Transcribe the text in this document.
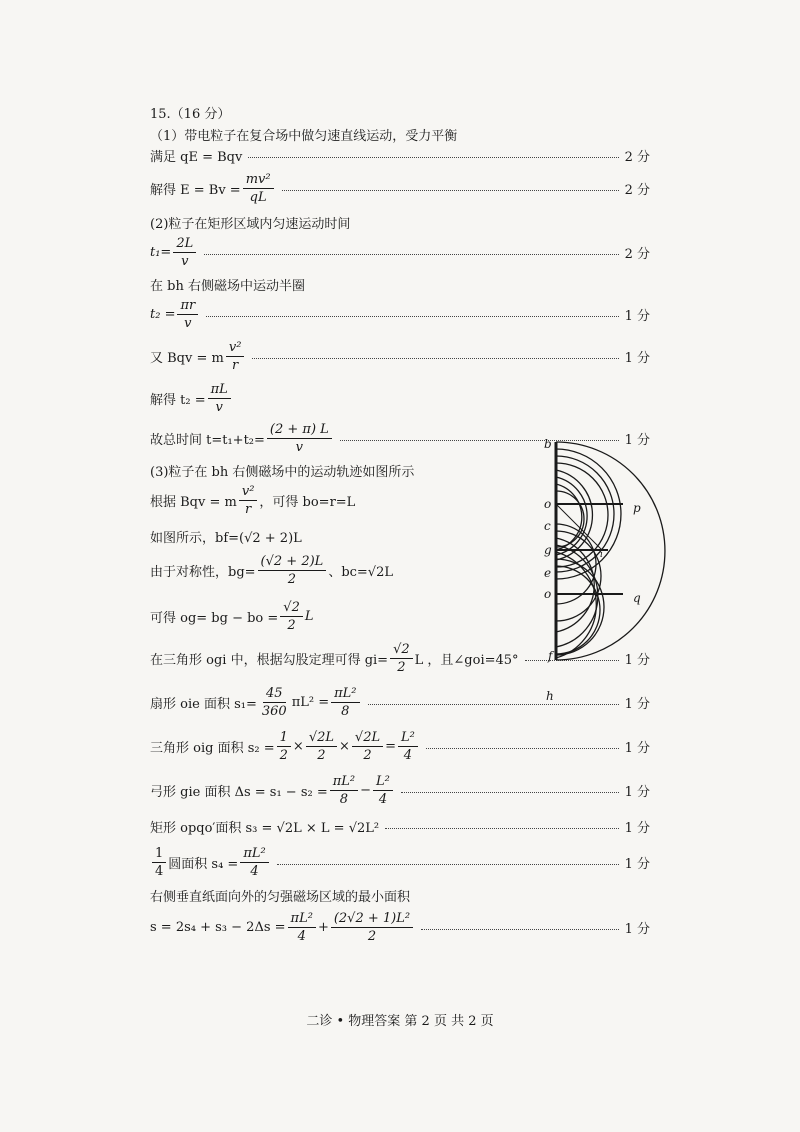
15.（16 分）
（1）带电粒子在复合场中做匀速直线运动，受力平衡
满足 qE = Bqv	2 分
解得 $E = Bv = \frac{\text{mv²}}{qL}$	2 分
(2)粒子在矩形区域内匀速运动时间
$t_1= \frac{2L}{v}$	2 分
在 bh 右侧磁场中运动半圈
$t_2 = \frac{\pi r}{v}$	1 分
又 Bqv = m $\frac{\text{v²}}{r}$	1 分
解得 $t_2 = \frac{\pi L}{v}$
故总时间 $t=t_1+t_2= \frac{(2 + \pi) L}{v}$	1 分
(3)粒子在 bh 右侧磁场中的运动轨迹如图所示
根据 Bqv = m $\frac{\text{v²}}{r}$ ，可得 bo=r=L
如图所示，bf=(√2 + 2)L
由于对称性，$bg= \frac{(√2 + 2)L}{2}$ 、bc=√2L
可得 og= bg − bo = $\frac{√2}{2}$ L
在三角形 ogi 中，根据勾股定理可得 $gi= \frac{√2}{2}$ L ，且∠goi=45°	1 分
扇形 oie 面积 $s_1= \frac{45}{360} \pi L^2 = \frac{\text{πL²}}{8}$	1 分
三角形 oig 面积 $s_2 = \frac{1}{2} \times \frac{√2L}{2} \times \frac{√2L}{2} = \frac{\text{L²}}{4}$	1 分
弓形 gie 面积 $\Delta s = s_1 - s_2 = \frac{\text{πL²}}{8} - \frac{\text{L²}}{4}$	1 分
矩形 opqo′面积 s₃ = √2L × L = √2L²	1 分
$\frac{1}{4}$ 圆面积 $s_4 = \frac{\text{πL²}}{4}$	1 分
右侧垂直纸面向外的匀强磁场区域的最小面积
$s = 2s_4 + s_3 - 2\Delta s = \frac{\text{πL²}}{4} + \frac{\text{(2√2 + 1)L²}}{2}$	1 分
b
o
c
g
e
o
f
h
p
q
i
二诊 • 物理答案 第 2 页 共 2 页
